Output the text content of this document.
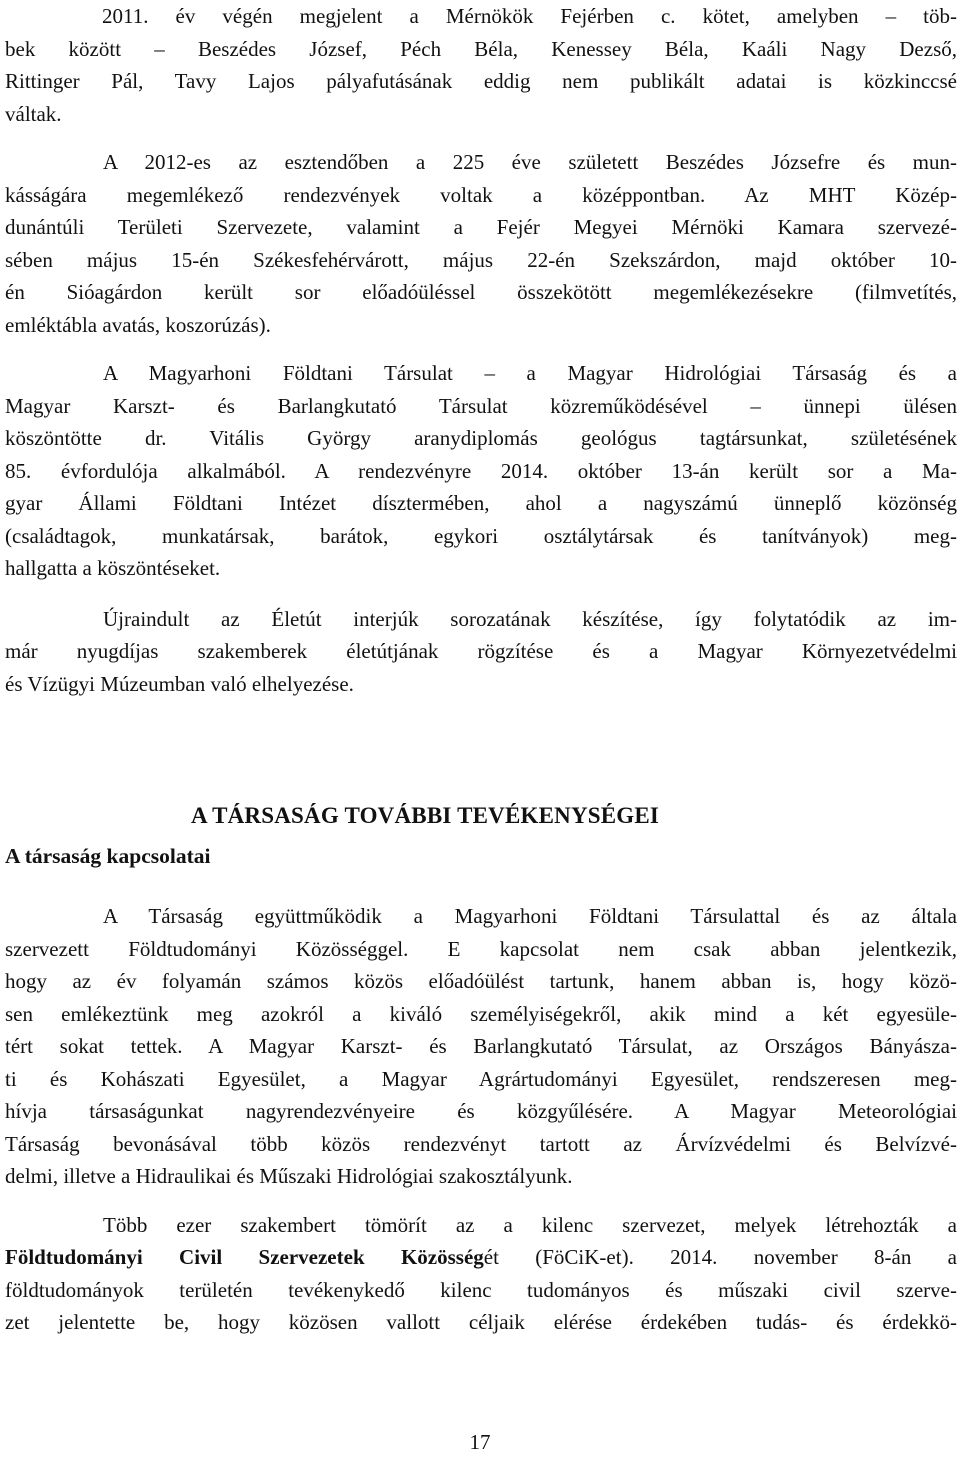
2011. év végén megjelent a Mérnökök Fejérben c. kötet, amelyben – töb-
bek között – Beszédes József, Péch Béla, Kenessey Béla, Kaáli Nagy Dezső,
Rittinger Pál, Tavy Lajos pályafutásának eddig nem publikált adatai is közkinccsé
váltak.
A 2012-es az esztendőben a 225 éve született Beszédes Józsefre és mun-
kásságára megemlékező rendezvények voltak a középpontban. Az MHT Közép-
dunántúli Területi Szervezete, valamint a Fejér Megyei Mérnöki Kamara szervezé-
sében május 15-én Székesfehérvárott, május 22-én Szekszárdon, majd október 10-
én Sióagárdon került sor előadóüléssel összekötött megemlékezésekre (filmvetítés,
emléktábla avatás, koszorúzás).
A Magyarhoni Földtani Társulat – a Magyar Hidrológiai Társaság és a
Magyar Karszt- és Barlangkutató Társulat közreműködésével – ünnepi ülésen
köszöntötte dr. Vitális György aranydiplomás geológus tagtársunkat, születésének
85. évfordulója alkalmából. A rendezvényre 2014. október 13-án került sor a Ma-
gyar Állami Földtani Intézet dísztermében, ahol a nagyszámú ünneplő közönség
(családtagok, munkatársak, barátok, egykori osztálytársak és tanítványok) meg-
hallgatta a köszöntéseket.
Újraindult az Életút interjúk sorozatának készítése, így folytatódik az im-
már nyugdíjas szakemberek életútjának rögzítése és a Magyar Környezetvédelmi
és Vízügyi Múzeumban való elhelyezése.
A TÁRSASÁG TOVÁBBI TEVÉKENYSÉGEI
A társaság kapcsolatai
A Társaság együttműködik a Magyarhoni Földtani Társulattal és az általa
szervezett Földtudományi Közösséggel. E kapcsolat nem csak abban jelentkezik,
hogy az év folyamán számos közös előadóülést tartunk, hanem abban is, hogy közö-
sen emlékeztünk meg azokról a kiváló személyiségekről, akik mind a két egyesüle-
tért sokat tettek. A Magyar Karszt- és Barlangkutató Társulat, az Országos Bányásza-
ti és Kohászati Egyesület, a Magyar Agrártudományi Egyesület, rendszeresen meg-
hívja társaságunkat nagyrendezvényeire és közgyűlésére. A Magyar Meteorológiai
Társaság bevonásával több közös rendezvényt tartott az Árvízvédelmi és Belvízvé-
delmi, illetve a Hidraulikai és Műszaki Hidrológiai szakosztályunk.
Több ezer szakembert tömörít az a kilenc szervezet, melyek létrehozták a
Földtudományi Civil Szervezetek Közösségét (FöCiK-et). 2014. november 8-án a
földtudományok területén tevékenykedő kilenc tudományos és műszaki civil szerve-
zet jelentette be, hogy közösen vallott céljaik elérése érdekében tudás- és érdekkö-
17
